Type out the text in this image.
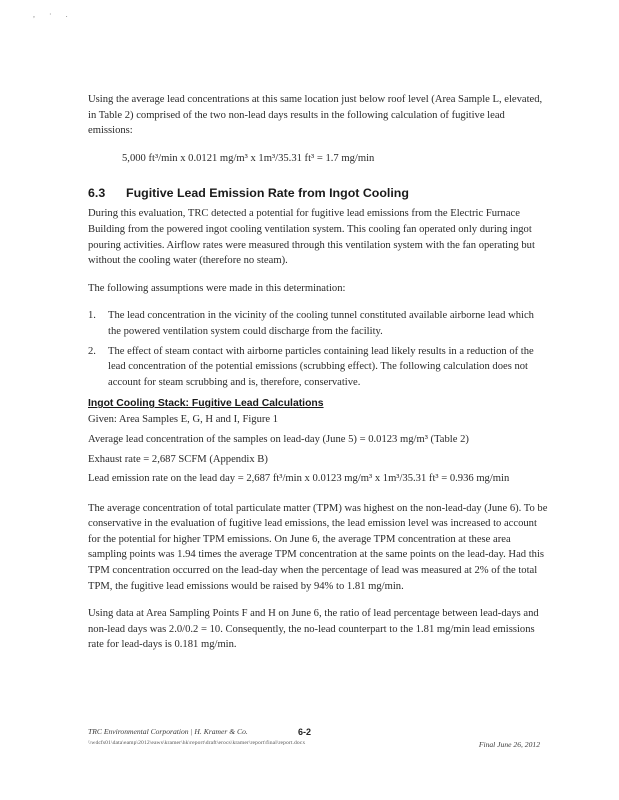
, · .

Using the average lead concentrations at this same location just below roof level (Area Sample L, elevated, in Table 2) comprised of the two non-lead days results in the following calculation of fugitive lead emissions:

5,000 ft³/min x 0.0121 mg/m³ x 1m³/35.31 ft³ = 1.7 mg/min

6.3	Fugitive Lead Emission Rate from Ingot Cooling

During this evaluation, TRC detected a potential for fugitive lead emissions from the Electric Furnace Building from the powered ingot cooling ventilation system. This cooling fan operated only during ingot pouring activities. Airflow rates were measured through this ventilation system with the fan operating but without the cooling water (therefore no steam).

The following assumptions were made in this determination:

1.	The lead concentration in the vicinity of the cooling tunnel constituted available airborne lead which the powered ventilation system could discharge from the facility.
2.	The effect of steam contact with airborne particles containing lead likely results in a reduction of the lead concentration of the potential emissions (scrubbing effect). The following calculation does not account for steam scrubbing and is, therefore, conservative.
Ingot Cooling Stack: Fugitive Lead Calculations
Given: Area Samples E, G, H and I, Figure 1
Average lead concentration of the samples on lead-day (June 5) = 0.0123 mg/m³ (Table 2)
Exhaust rate = 2,687 SCFM (Appendix B)
Lead emission rate on the lead day = 2,687 ft³/min x 0.0123 mg/m³ x 1m³/35.31 ft³ = 0.936 mg/min

The average concentration of total particulate matter (TPM) was highest on the non-lead-day (June 6). To be conservative in the evaluation of fugitive lead emissions, the lead emission level was increased to account for the potential for higher TPM emissions. On June 6, the average TPM concentration at these area sampling points was 1.94 times the average TPM concentration at the same points on the lead-day. Had this TPM concentration occurred on the lead-day when the percentage of lead was measured at 2% of the total TPM, the fugitive lead emissions would be raised by 94% to 1.81 mg/min.

Using data at Area Sampling Points F and H on June 6, the ratio of lead percentage between lead-days and non-lead days was 2.0/0.2 = 10. Consequently, the no-lead counterpart to the 1.81 mg/min lead emissions rate for lead-days is 0.181 mg/min.

TRC Environmental Corporation | H. Kramer & Co.	6-2
\\wdcfs01\data\eamp\2012\eaws\kramer\hk\report\draft\erocs\kramer\report\final\report.docx	Final June 26, 2012
